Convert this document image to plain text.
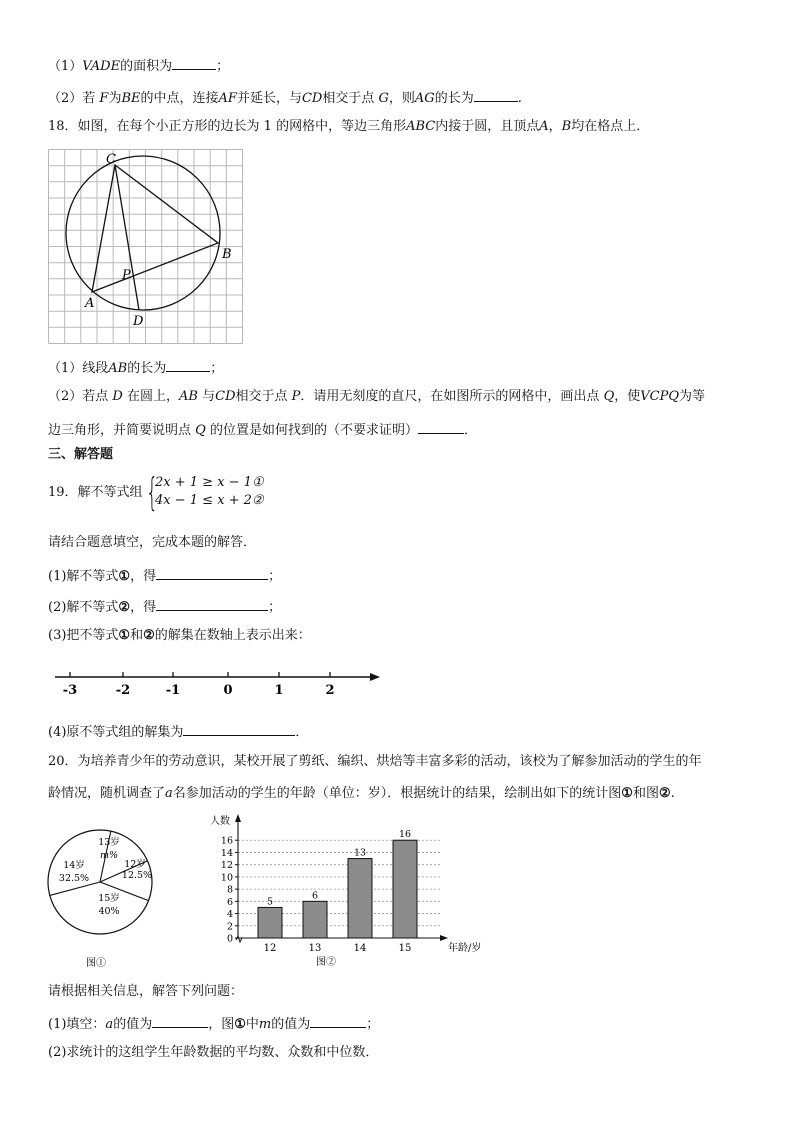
（1）VADE的面积为	；
（2）若 F为BE的中点，连接AF并延长，与CD相交于点 G，则AG的长为	.
18．如图，在每个小正方形的边长为 1 的网格中，等边三角形ABC内接于圆，且顶点A，B均在格点上．
C
B
P
A
D
（1）线段AB的长为	；
（2）若点 D 在圆上，AB 与CD相交于点 P．请用无刻度的直尺，在如图所示的网格中，画出点 Q，使VCPQ为等
边三角形，并简要说明点 Q 的位置是如何找到的（不要求证明）	．
三、解答题
19．解不等式组 {
2x + 1 ≥ x − 1①
4x − 1 ≤ x + 2②
请结合题意填空，完成本题的解答．
(1)解不等式①，得	；
(2)解不等式②，得	；
(3)把不等式①和②的解集在数轴上表示出来：
-3	-2	-1	0	1	2
(4)原不等式组的解集为	．
20．为培养青少年的劳动意识，某校开展了剪纸、编织、烘焙等丰富多彩的活动，该校为了解参加活动的学生的年
龄情况，随机调查了a名参加活动的学生的年龄（单位：岁）．根据统计的结果，绘制出如下的统计图①和图②.
13岁
m%
12岁
12.5%
15岁
40%
14岁
32.5%
图①
人数
年龄/岁
图②
5
12
6
13
13
14
16
15
0
2
4
6
8
10
12
14
16
请根据相关信息，解答下列问题：
(1)填空：a的值为	，图①中m的值为	；
(2)求统计的这组学生年龄数据的平均数、众数和中位数．
